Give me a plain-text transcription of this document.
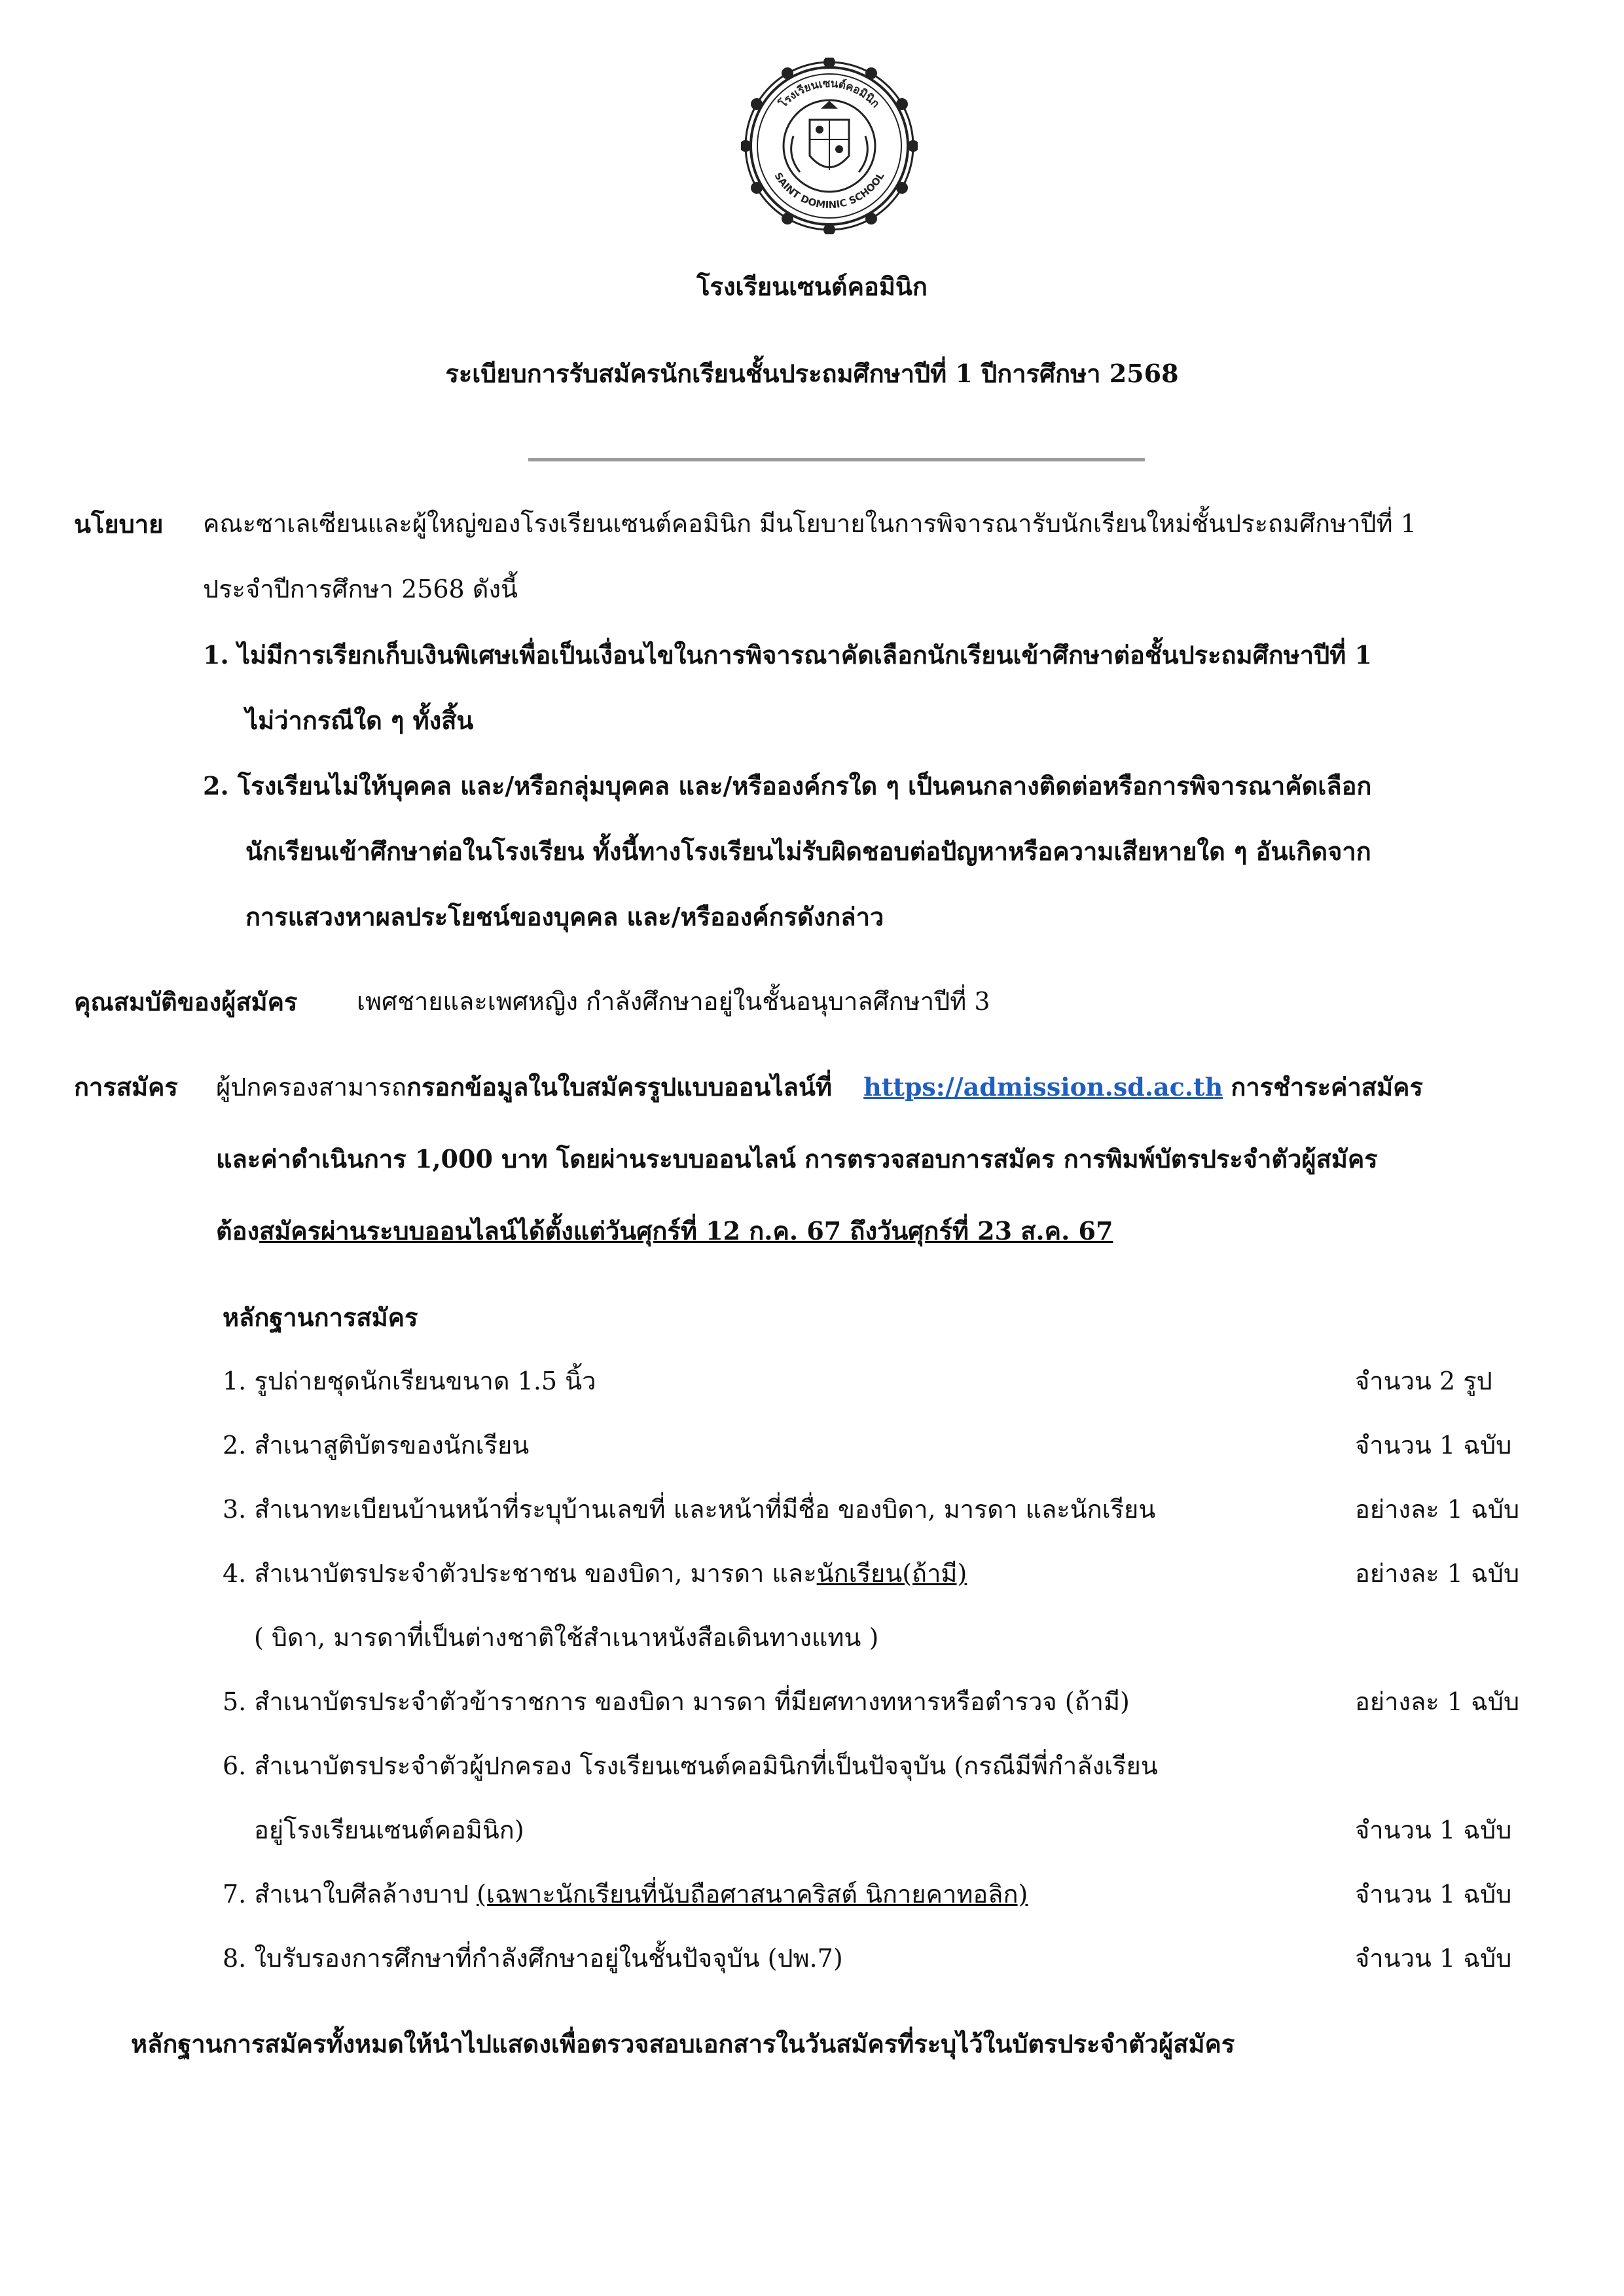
โรงเรียนเซนต์คอมินิก
SAINT DOMINIC SCHOOL
โรงเรียนเซนต์คอมินิก
ระเบียบการรับสมัครนักเรียนชั้นประถมศึกษาปีที่ 1 ปีการศึกษา 2568
นโยบาย คณะซาเลเซียนและผู้ใหญ่ของโรงเรียนเซนต์คอมินิก มีนโยบายในการพิจารณารับนักเรียนใหม่ชั้นประถมศึกษาปีที่ 1
ประจำปีการศึกษา 2568 ดังนี้
1. ไม่มีการเรียกเก็บเงินพิเศษเพื่อเป็นเงื่อนไขในการพิจารณาคัดเลือกนักเรียนเข้าศึกษาต่อชั้นประถมศึกษาปีที่ 1
ไม่ว่ากรณีใด ๆ ทั้งสิ้น
2. โรงเรียนไม่ให้บุคคล และ/หรือกลุ่มบุคคล และ/หรือองค์กรใด ๆ เป็นคนกลางติดต่อหรือการพิจารณาคัดเลือก
นักเรียนเข้าศึกษาต่อในโรงเรียน ทั้งนี้ทางโรงเรียนไม่รับผิดชอบต่อปัญหาหรือความเสียหายใด ๆ อันเกิดจาก
การแสวงหาผลประโยชน์ของบุคคล และ/หรือองค์กรดังกล่าว
คุณสมบัติของผู้สมัคร เพศชายและเพศหญิง กำลังศึกษาอยู่ในชั้นอนุบาลศึกษาปีที่ 3
การสมัคร ผู้ปกครองสามารถกรอกข้อมูลในใบสมัครรูปแบบออนไลน์ที่ https://admission.sd.ac.th การชำระค่าสมัคร
และค่าดำเนินการ 1,000 บาท โดยผ่านระบบออนไลน์ การตรวจสอบการสมัคร การพิมพ์บัตรประจำตัวผู้สมัคร
ต้องสมัครผ่านระบบออนไลน์ได้ตั้งแต่วันศุกร์ที่ 12 ก.ค. 67 ถึงวันศุกร์ที่ 23 ส.ค. 67
หลักฐานการสมัคร
1. รูปถ่ายชุดนักเรียนขนาด 1.5 นิ้ว	จำนวน 2 รูป
2. สำเนาสูติบัตรของนักเรียน	จำนวน 1 ฉบับ
3. สำเนาทะเบียนบ้านหน้าที่ระบุบ้านเลขที่ และหน้าที่มีชื่อ ของบิดา, มารดา และนักเรียน	อย่างละ 1 ฉบับ
4. สำเนาบัตรประจำตัวประชาชน ของบิดา, มารดา และนักเรียน(ถ้ามี)	อย่างละ 1 ฉบับ
( บิดา, มารดาที่เป็นต่างชาติใช้สำเนาหนังสือเดินทางแทน )
5. สำเนาบัตรประจำตัวข้าราชการ ของบิดา มารดา ที่มียศทางทหารหรือตำรวจ (ถ้ามี)	อย่างละ 1 ฉบับ
6. สำเนาบัตรประจำตัวผู้ปกครอง โรงเรียนเซนต์คอมินิกที่เป็นปัจจุบัน (กรณีมีพี่กำลังเรียน
อยู่โรงเรียนเซนต์คอมินิก)	จำนวน 1 ฉบับ
7. สำเนาใบศีลล้างบาป (เฉพาะนักเรียนที่นับถือศาสนาคริสต์ นิกายคาทอลิก)	จำนวน 1 ฉบับ
8. ใบรับรองการศึกษาที่กำลังศึกษาอยู่ในชั้นปัจจุบัน (ปพ.7)	จำนวน 1 ฉบับ
หลักฐานการสมัครทั้งหมดให้นำไปแสดงเพื่อตรวจสอบเอกสารในวันสมัครที่ระบุไว้ในบัตรประจำตัวผู้สมัคร
